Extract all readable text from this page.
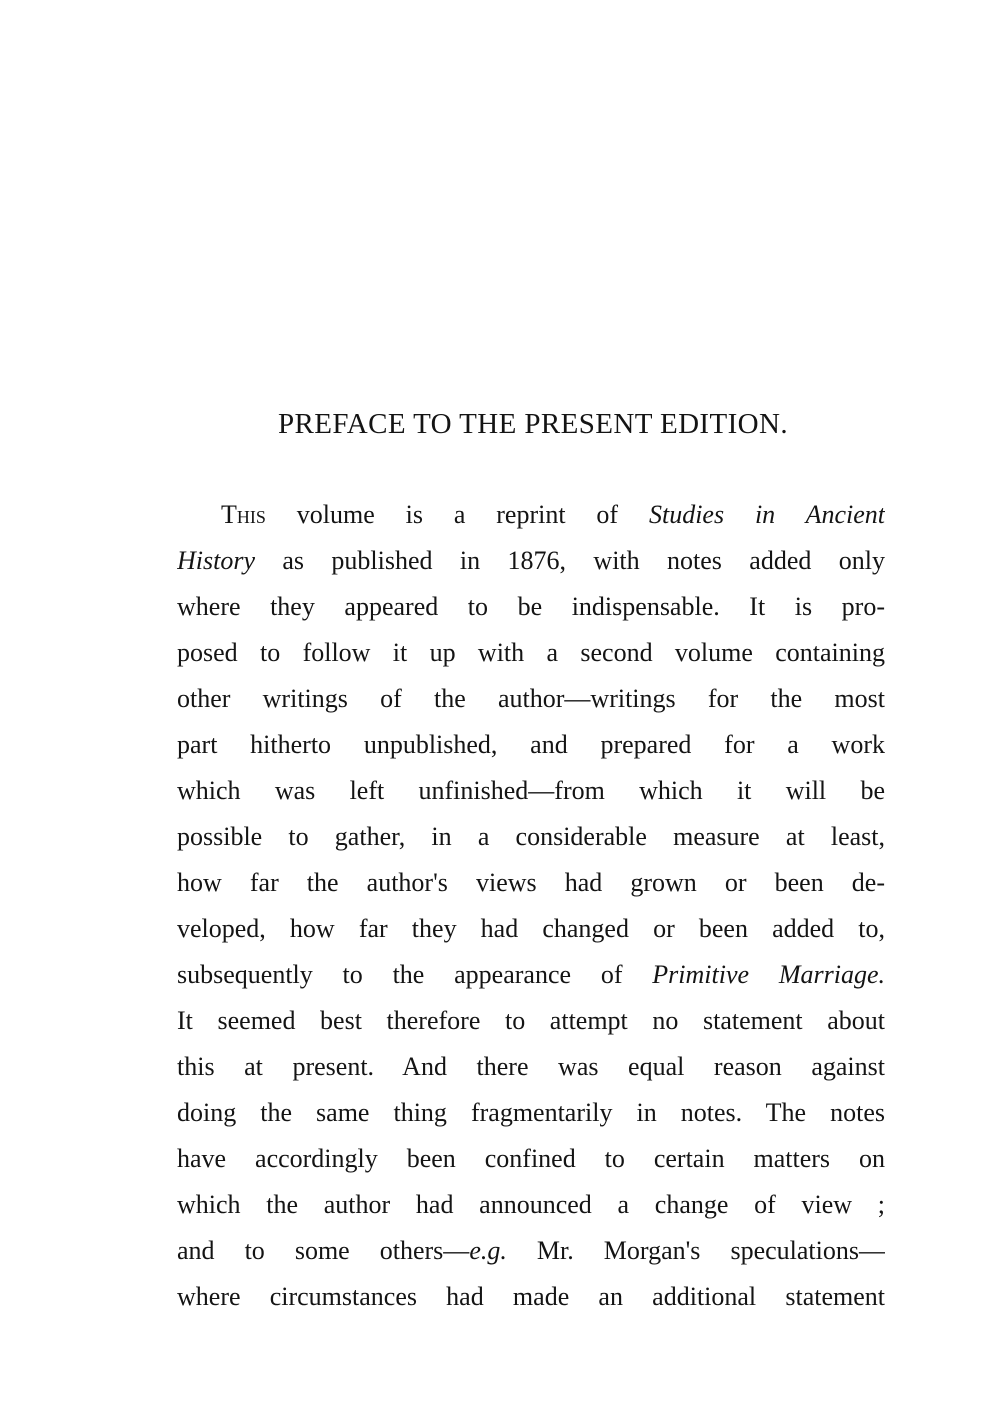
PREFACE TO THE PRESENT EDITION.
This volume is a reprint of Studies in Ancient
History as published in 1876, with notes added only
where they appeared to be indispensable. It is pro-
posed to follow it up with a second volume containing
other writings of the author—writings for the most
part hitherto unpublished, and prepared for a work
which was left unfinished—from which it will be
possible to gather, in a considerable measure at least,
how far the author's views had grown or been de-
veloped, how far they had changed or been added to,
subsequently to the appearance of Primitive Marriage.
It seemed best therefore to attempt no statement about
this at present. And there was equal reason against
doing the same thing fragmentarily in notes. The notes
have accordingly been confined to certain matters on
which the author had announced a change of view ;
and to some others—e.g. Mr. Morgan's speculations—
where circumstances had made an additional statement
